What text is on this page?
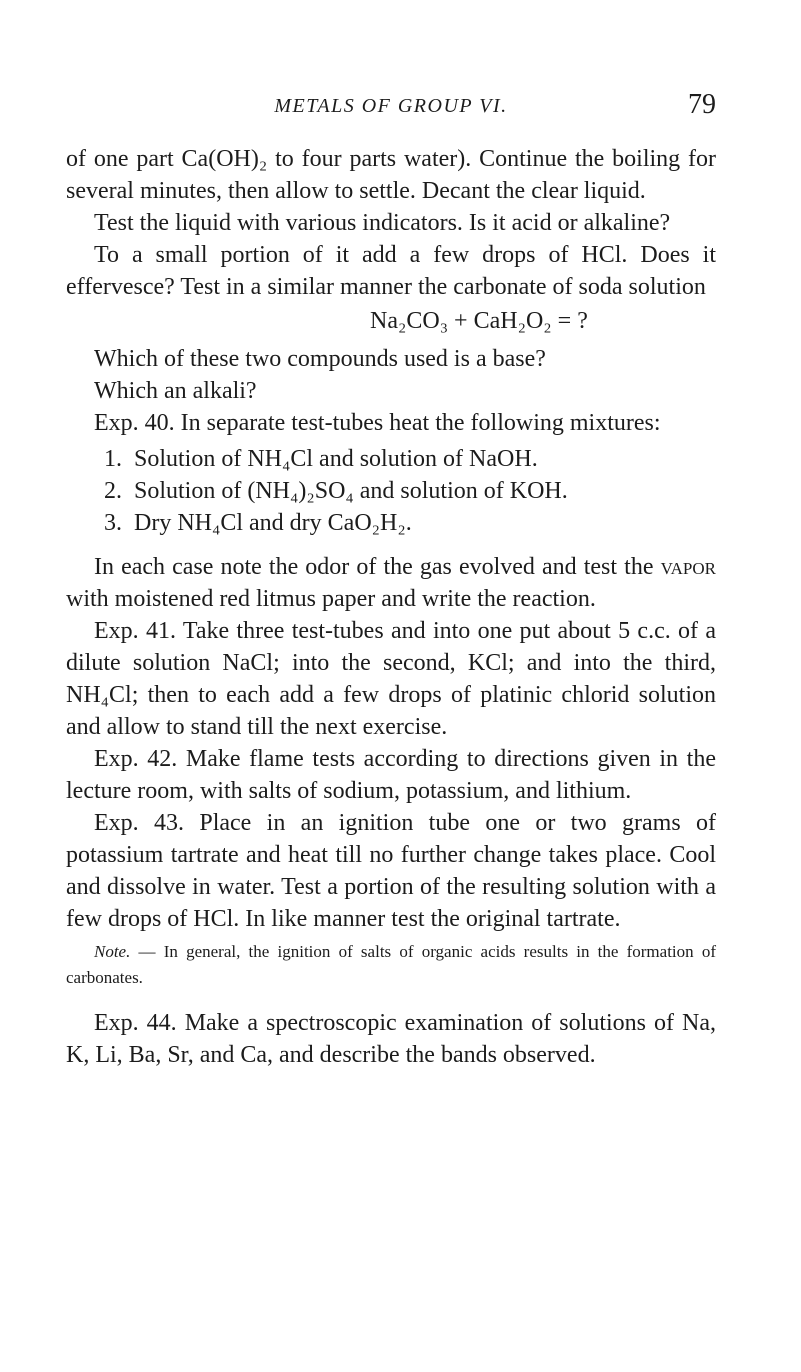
METALS OF GROUP VI.	79

of one part Ca(OH)₂ to four parts water). Continue the boiling for several minutes, then allow to settle. Decant the clear liquid.

Test the liquid with various indicators. Is it acid or alkaline?

To a small portion of it add a few drops of HCl. Does it effervesce? Test in a similar manner the carbonate of soda solution

Na₂CO₃ + CaH₂O₂ = ?

Which of these two compounds used is a base?

Which an alkali?

Exp. 40. In separate test-tubes heat the following mixtures:

1. Solution of NH₄Cl and solution of NaOH.
2. Solution of (NH₄)₂SO₄ and solution of KOH.
3. Dry NH₄Cl and dry CaO₂H₂.

In each case note the odor of the gas evolved and test the vapor with moistened red litmus paper and write the reaction.

Exp. 41. Take three test-tubes and into one put about 5 c.c. of a dilute solution NaCl; into the second, KCl; and into the third, NH₄Cl; then to each add a few drops of platinic chlorid solution and allow to stand till the next exercise.

Exp. 42. Make flame tests according to directions given in the lecture room, with salts of sodium, potassium, and lithium.

Exp. 43. Place in an ignition tube one or two grams of potassium tartrate and heat till no further change takes place. Cool and dissolve in water. Test a portion of the resulting solution with a few drops of HCl. In like manner test the original tartrate.

Note. — In general, the ignition of salts of organic acids results in the formation of carbonates.

Exp. 44. Make a spectroscopic examination of solutions of Na, K, Li, Ba, Sr, and Ca, and describe the bands observed.
